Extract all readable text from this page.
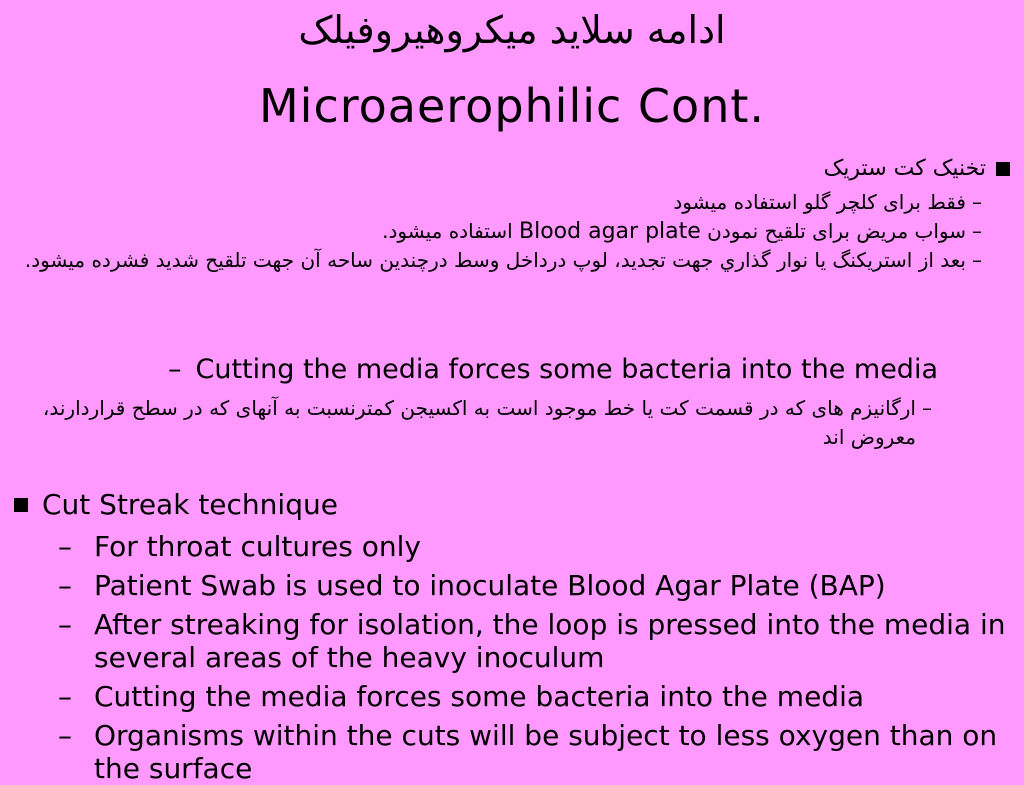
ادامه سلاید میکروهیروفیلک
Microaerophilic Cont.
تخنیک کت ستریک
–
فقط برای کلچر گلو استفاده میشود
–
سواب مریض برای تلقیح نمودن Blood agar plate استفاده میشود.
–
بعد از استریکنگ یا نوار گذاري جهت تجدید، لوپ درداخل وسط درچندین ساحه آن جهت تلقیح شدید فشرده میشود.
– Cutting the media forces some bacteria into the media
–
ارگانیزم های که در قسمت کت یا خط موجود است به اکسیجن کمترنسبت به آنهای که در سطح قراردارند، معروض اند
Cut Streak technique
– For throat cultures only
– Patient Swab is used to inoculate Blood Agar Plate (BAP)
– After streaking for isolation, the loop is pressed into the media in several areas of the heavy inoculum
– Cutting the media forces some bacteria into the media
– Organisms within the cuts will be subject to less oxygen than on the surface
